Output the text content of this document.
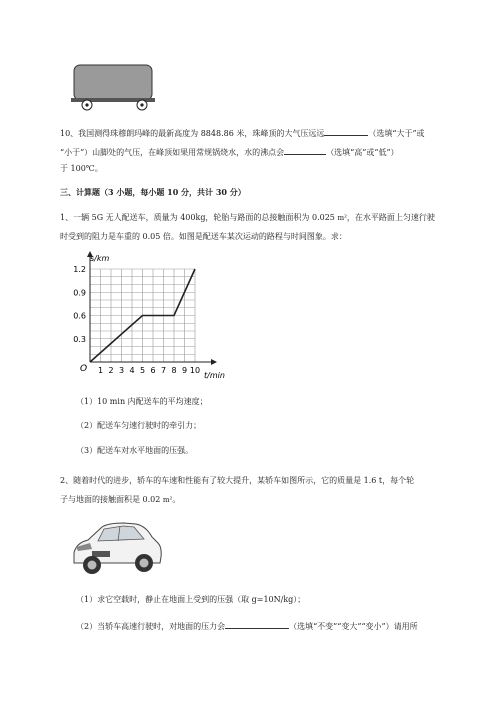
10、我国测得珠穆朗玛峰的最新高度为 8848.86 米，珠峰顶的大气压远远	（选填“大于”或
“小于”）山脚处的气压，在峰顶如果用常规锅烧水，水的沸点会	（选填“高”或“低”）
于 100℃。
三、计算题（3 小题，每小题 10 分，共计 30 分）
1、一辆 5G 无人配送车，质量为 400kg，轮胎与路面的总接触面积为 0.025 m²，在水平路面上匀速行驶
时受到的阻力是车重的 0.05 倍。如图是配送车某次运动的路程与时间图象。求：
1 2 3 4 5 6 7 8 9 10
0.3
0.6
0.9
1.2
s/km
t/min
O
（1）10 min 内配送车的平均速度；
（2）配送车匀速行驶时的牵引力；
（3）配送车对水平地面的压强。
2、随着时代的进步，轿车的车速和性能有了较大提升，某轿车如图所示，它的质量是 1.6 t，每个轮
子与地面的接触面积是 0.02 m²。
（1）求它空载时，静止在地面上受到的压强（取 g=10N/kg）；
（2）当轿车高速行驶时，对地面的压力会	（选填“不变”“变大”“变小”）请用所
